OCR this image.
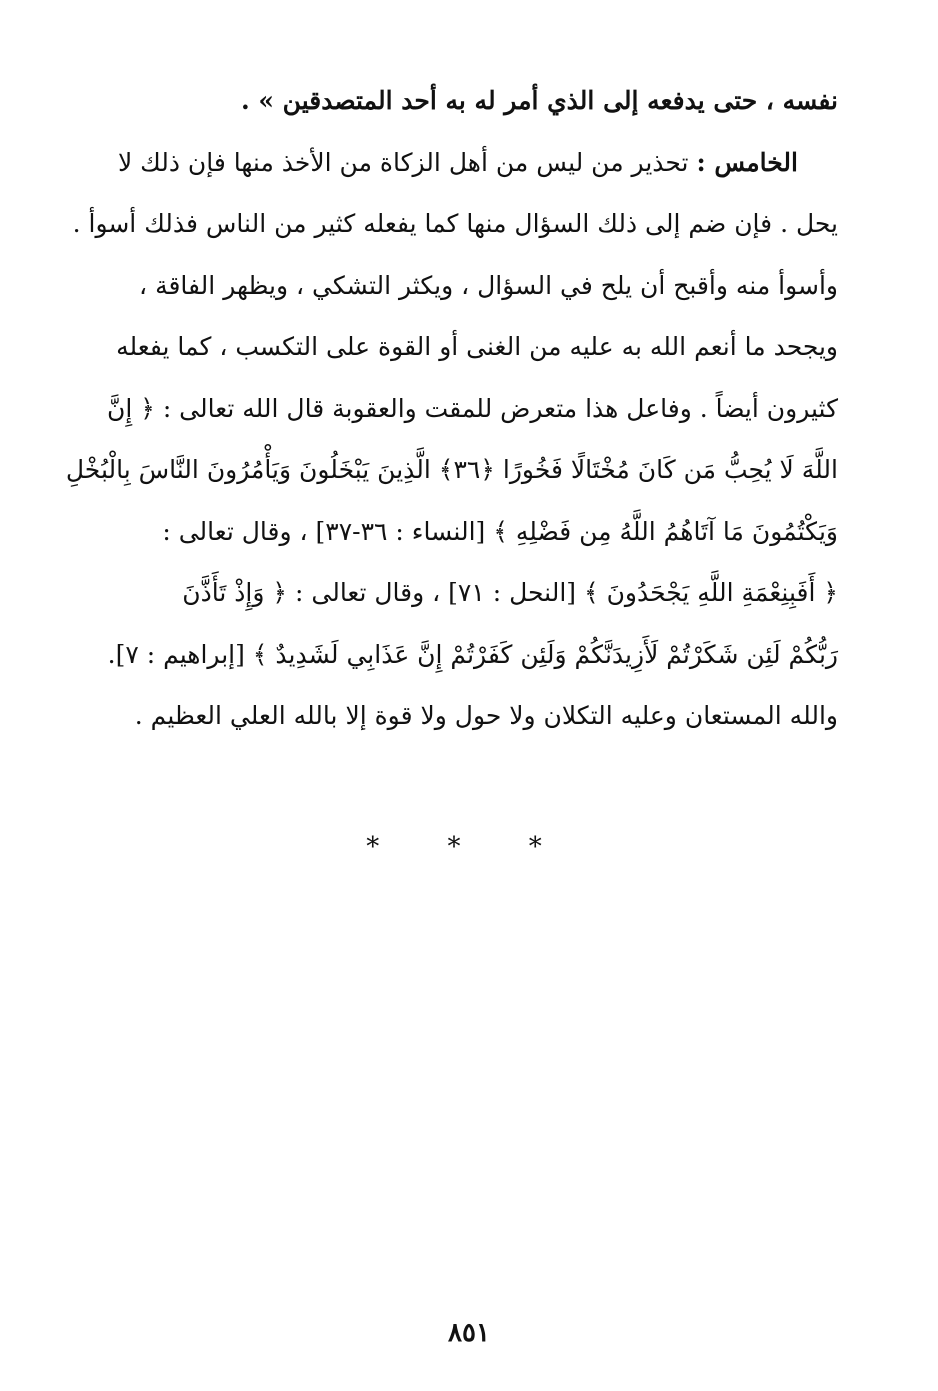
نفسه ، حتى يدفعه إلى الذي أمر له به أحد المتصدقين » .
الخامس : تحذير من ليس من أهل الزكاة من الأخذ منها فإن ذلك لا
يحل . فإن ضم إلى ذلك السؤال منها كما يفعله كثير من الناس فذلك أسوأ .
وأسوأ منه وأقبح أن يلح في السؤال ، ويكثر التشكي ، ويظهر الفاقة ،
ويجحد ما أنعم الله به عليه من الغنى أو القوة على التكسب ، كما يفعله
كثيرون أيضاً . وفاعل هذا متعرض للمقت والعقوبة قال الله تعالى : ﴿ إِنَّ
اللَّهَ لَا يُحِبُّ مَن كَانَ مُخْتَالًا فَخُورًا ﴿٣٦﴾ الَّذِينَ يَبْخَلُونَ وَيَأْمُرُونَ النَّاسَ بِالْبُخْلِ
وَيَكْتُمُونَ مَا آتَاهُمُ اللَّهُ مِن فَضْلِهِ ﴾ [النساء : ٣٦-٣٧] ، وقال تعالى :
﴿ أَفَبِنِعْمَةِ اللَّهِ يَجْحَدُونَ ﴾ [النحل : ٧١] ، وقال تعالى : ﴿ وَإِذْ تَأَذَّنَ
رَبُّكُمْ لَئِن شَكَرْتُمْ لَأَزِيدَنَّكُمْ وَلَئِن كَفَرْتُمْ إِنَّ عَذَابِي لَشَدِيدٌ ﴾ [إبراهيم : ٧].
والله المستعان وعليه التكلان ولا حول ولا قوة إلا بالله العلي العظيم .
* * *
٨٥١
